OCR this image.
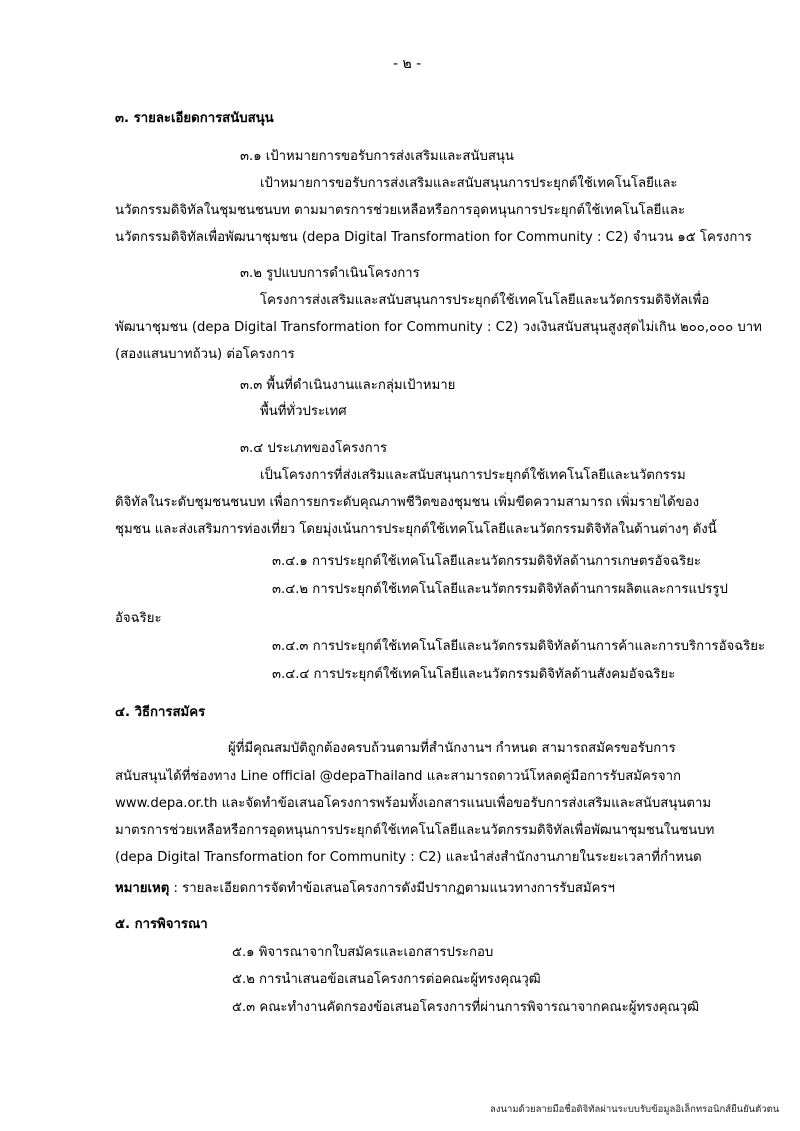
- ๒ -
๓. รายละเอียดการสนับสนุน
๓.๑ เป้าหมายการขอรับการส่งเสริมและสนับสนุน
เป้าหมายการขอรับการส่งเสริมและสนับสนุนการประยุกต์ใช้เทคโนโลยีและ
นวัตกรรมดิจิทัลในชุมชนชนบท ตามมาตรการช่วยเหลือหรือการอุดหนุนการประยุกต์ใช้เทคโนโลยีและ
นวัตกรรมดิจิทัลเพื่อพัฒนาชุมชน (depa Digital Transformation for Community : C2) จำนวน ๑๕ โครงการ
๓.๒ รูปแบบการดำเนินโครงการ
โครงการส่งเสริมและสนับสนุนการประยุกต์ใช้เทคโนโลยีและนวัตกรรมดิจิทัลเพื่อ
พัฒนาชุมชน (depa Digital Transformation for Community : C2) วงเงินสนับสนุนสูงสุดไม่เกิน ๒๐๐,๐๐๐ บาท
(สองแสนบาทถ้วน) ต่อโครงการ
๓.๓ พื้นที่ดำเนินงานและกลุ่มเป้าหมาย
พื้นที่ทั่วประเทศ
๓.๔ ประเภทของโครงการ
เป็นโครงการที่ส่งเสริมและสนับสนุนการประยุกต์ใช้เทคโนโลยีและนวัตกรรม
ดิจิทัลในระดับชุมชนชนบท เพื่อการยกระดับคุณภาพชีวิตของชุมชน เพิ่มขีดความสามารถ เพิ่มรายได้ของ
ชุมชน และส่งเสริมการท่องเที่ยว โดยมุ่งเน้นการประยุกต์ใช้เทคโนโลยีและนวัตกรรมดิจิทัลในด้านต่างๆ ดังนี้
๓.๔.๑ การประยุกต์ใช้เทคโนโลยีและนวัตกรรมดิจิทัลด้านการเกษตรอัจฉริยะ
๓.๔.๒ การประยุกต์ใช้เทคโนโลยีและนวัตกรรมดิจิทัลด้านการผลิตและการแปรรูป
อัจฉริยะ
๓.๔.๓ การประยุกต์ใช้เทคโนโลยีและนวัตกรรมดิจิทัลด้านการค้าและการบริการอัจฉริยะ
๓.๔.๔ การประยุกต์ใช้เทคโนโลยีและนวัตกรรมดิจิทัลด้านสังคมอัจฉริยะ
๔. วิธีการสมัคร
ผู้ที่มีคุณสมบัติถูกต้องครบถ้วนตามที่สำนักงานฯ กำหนด สามารถสมัครขอรับการ
สนับสนุนได้ที่ช่องทาง Line official @depaThailand และสามารถดาวน์โหลดคู่มือการรับสมัครจาก
www.depa.or.th และจัดทำข้อเสนอโครงการพร้อมทั้งเอกสารแนบเพื่อขอรับการส่งเสริมและสนับสนุนตาม
มาตรการช่วยเหลือหรือการอุดหนุนการประยุกต์ใช้เทคโนโลยีและนวัตกรรมดิจิทัลเพื่อพัฒนาชุมชนในชนบท
(depa Digital Transformation for Community : C2) และนำส่งสำนักงานภายในระยะเวลาที่กำหนด
หมายเหตุ : รายละเอียดการจัดทำข้อเสนอโครงการดังมีปรากฏตามแนวทางการรับสมัครฯ
๕. การพิจารณา
๕.๑ พิจารณาจากใบสมัครและเอกสารประกอบ
๕.๒ การนำเสนอข้อเสนอโครงการต่อคณะผู้ทรงคุณวุฒิ
๕.๓ คณะทำงานคัดกรองข้อเสนอโครงการที่ผ่านการพิจารณาจากคณะผู้ทรงคุณวุฒิ
ลงนามด้วยลายมือชื่อดิจิทัลผ่านระบบรับข้อมูลอิเล็กทรอนิกส์ยืนยันตัวตน
